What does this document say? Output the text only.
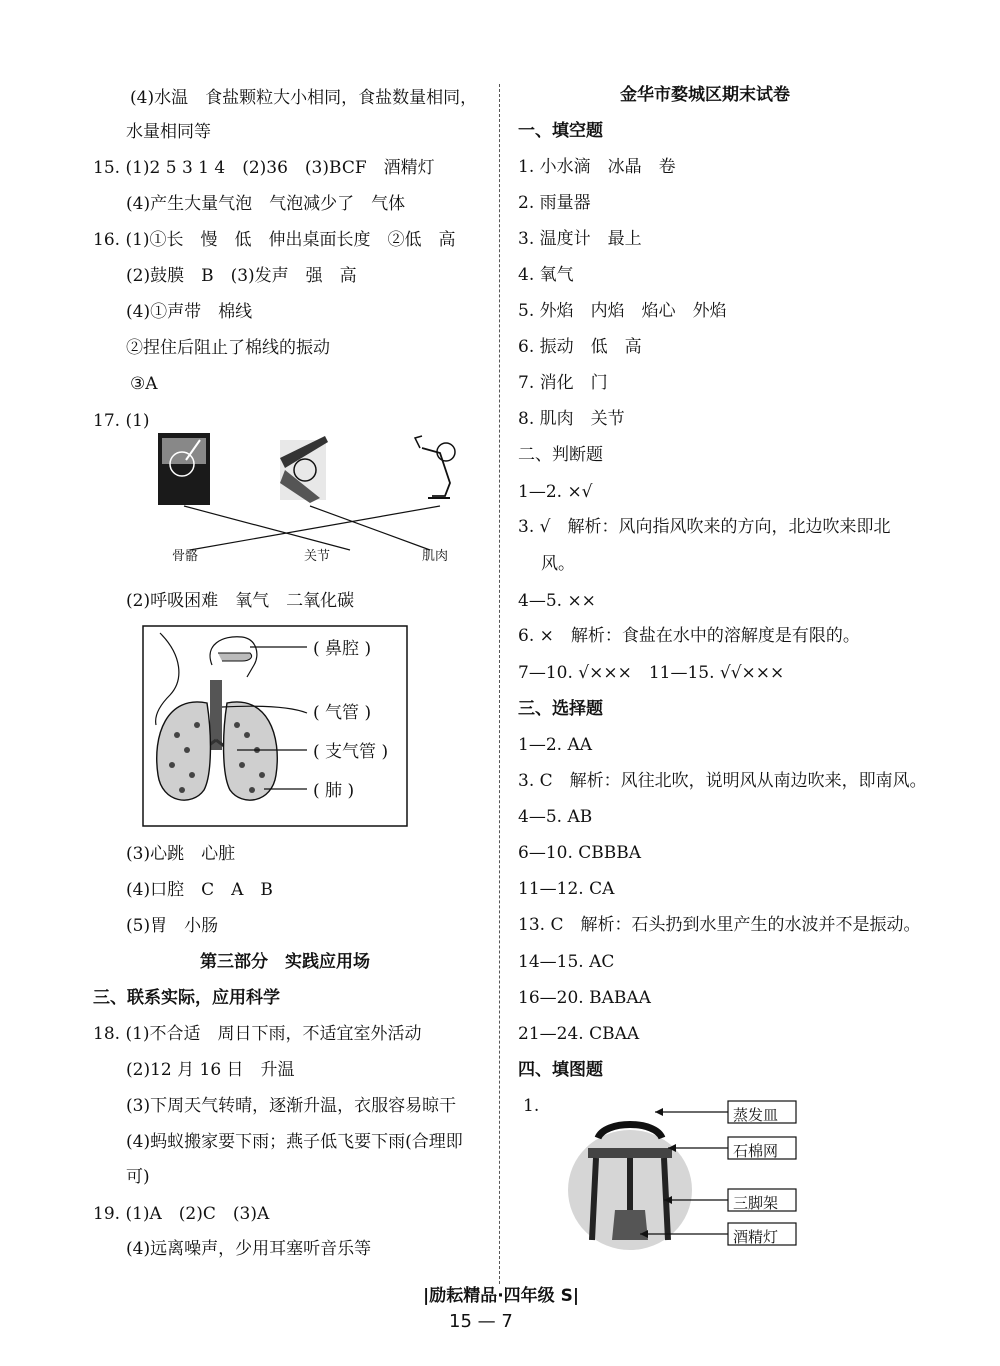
(4)水温　食盐颗粒大小相同，食盐数量相同，
水量相同等
15. (1)2 5 3 1 4　(2)36　(3)BCF　酒精灯
(4)产生大量气泡　气泡减少了　气体
16. (1)①长　慢　低　伸出桌面长度　②低　高
(2)鼓膜　B　(3)发声　强　高
(4)①声带　棉线
②捏住后阻止了棉线的振动
③A
17. (1)
骨骼	关节	肌肉
(2)呼吸困难　氧气　二氧化碳
( 鼻腔 )
( 气管 )
( 支气管 )
( 肺 )
(3)心跳　心脏
(4)口腔　C　A　B
(5)胃　小肠
第三部分　实践应用场
三、联系实际，应用科学
18. (1)不合适　周日下雨，不适宜室外活动
(2)12 月 16 日　升温
(3)下周天气转晴，逐渐升温，衣服容易晾干
(4)蚂蚁搬家要下雨；燕子低飞要下雨(合理即
可)
19. (1)A　(2)C　(3)A
(4)远离噪声，少用耳塞听音乐等
金华市婺城区期末试卷
一、填空题
1. 小水滴　冰晶　卷
2. 雨量器
3. 温度计　最上
4. 氧气
5. 外焰　内焰　焰心　外焰
6. 振动　低　高
7. 消化　门
8. 肌肉　关节
二、判断题
1—2. ×√
3. √　解析：风向指风吹来的方向，北边吹来即北
风。
4—5. ××
6. ×　解析：食盐在水中的溶解度是有限的。
7—10. √×××　11—15. √√×××
三、选择题
1—2. AA
3. C　解析：风往北吹，说明风从南边吹来，即南风。
4—5. AB
6—10. CBBBA
11—12. CA
13. C　解析：石头扔到水里产生的水波并不是振动。
14—15. AC
16—20. BABAA
21—24. CBAA
四、填图题
1.	蒸发皿
石棉网
三脚架
酒精灯
|励耘精品·四年级 S|
15 — 7
